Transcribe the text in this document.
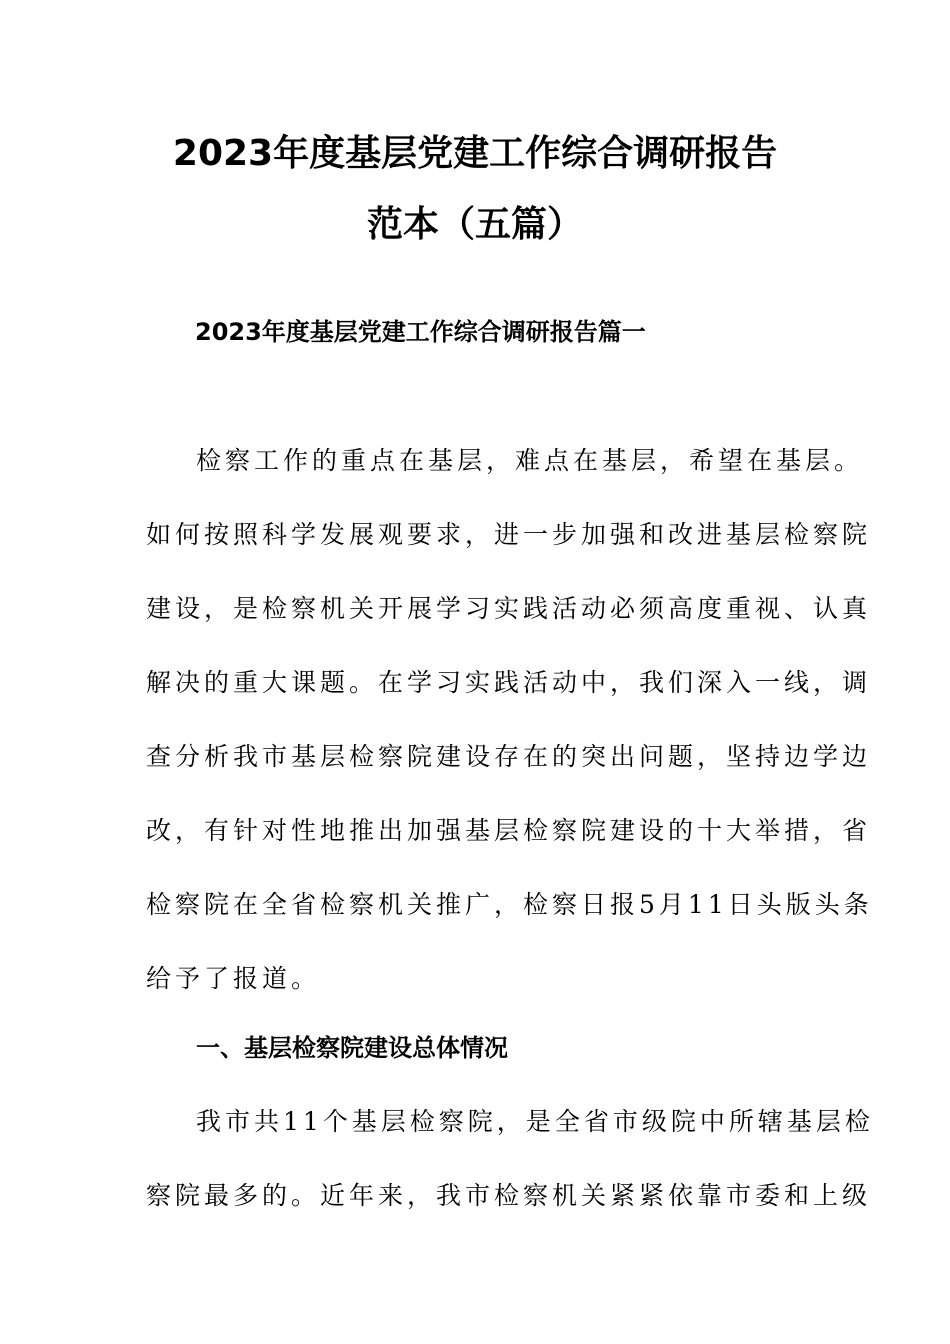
2023年度基层党建工作综合调研报告
范本（五篇）
2023年度基层党建工作综合调研报告篇一
检察工作的重点在基层，难点在基层，希望在基层。
如何按照科学发展观要求，进一步加强和改进基层检察院
建设，是检察机关开展学习实践活动必须高度重视、认真
解决的重大课题。在学习实践活动中，我们深入一线，调
查分析我市基层检察院建设存在的突出问题，坚持边学边
改，有针对性地推出加强基层检察院建设的十大举措，省
检察院在全省检察机关推广，检察日报5月11日头版头条
给予了报道。
一、基层检察院建设总体情况
我市共11个基层检察院，是全省市级院中所辖基层检
察院最多的。近年来，我市检察机关紧紧依靠市委和上级
